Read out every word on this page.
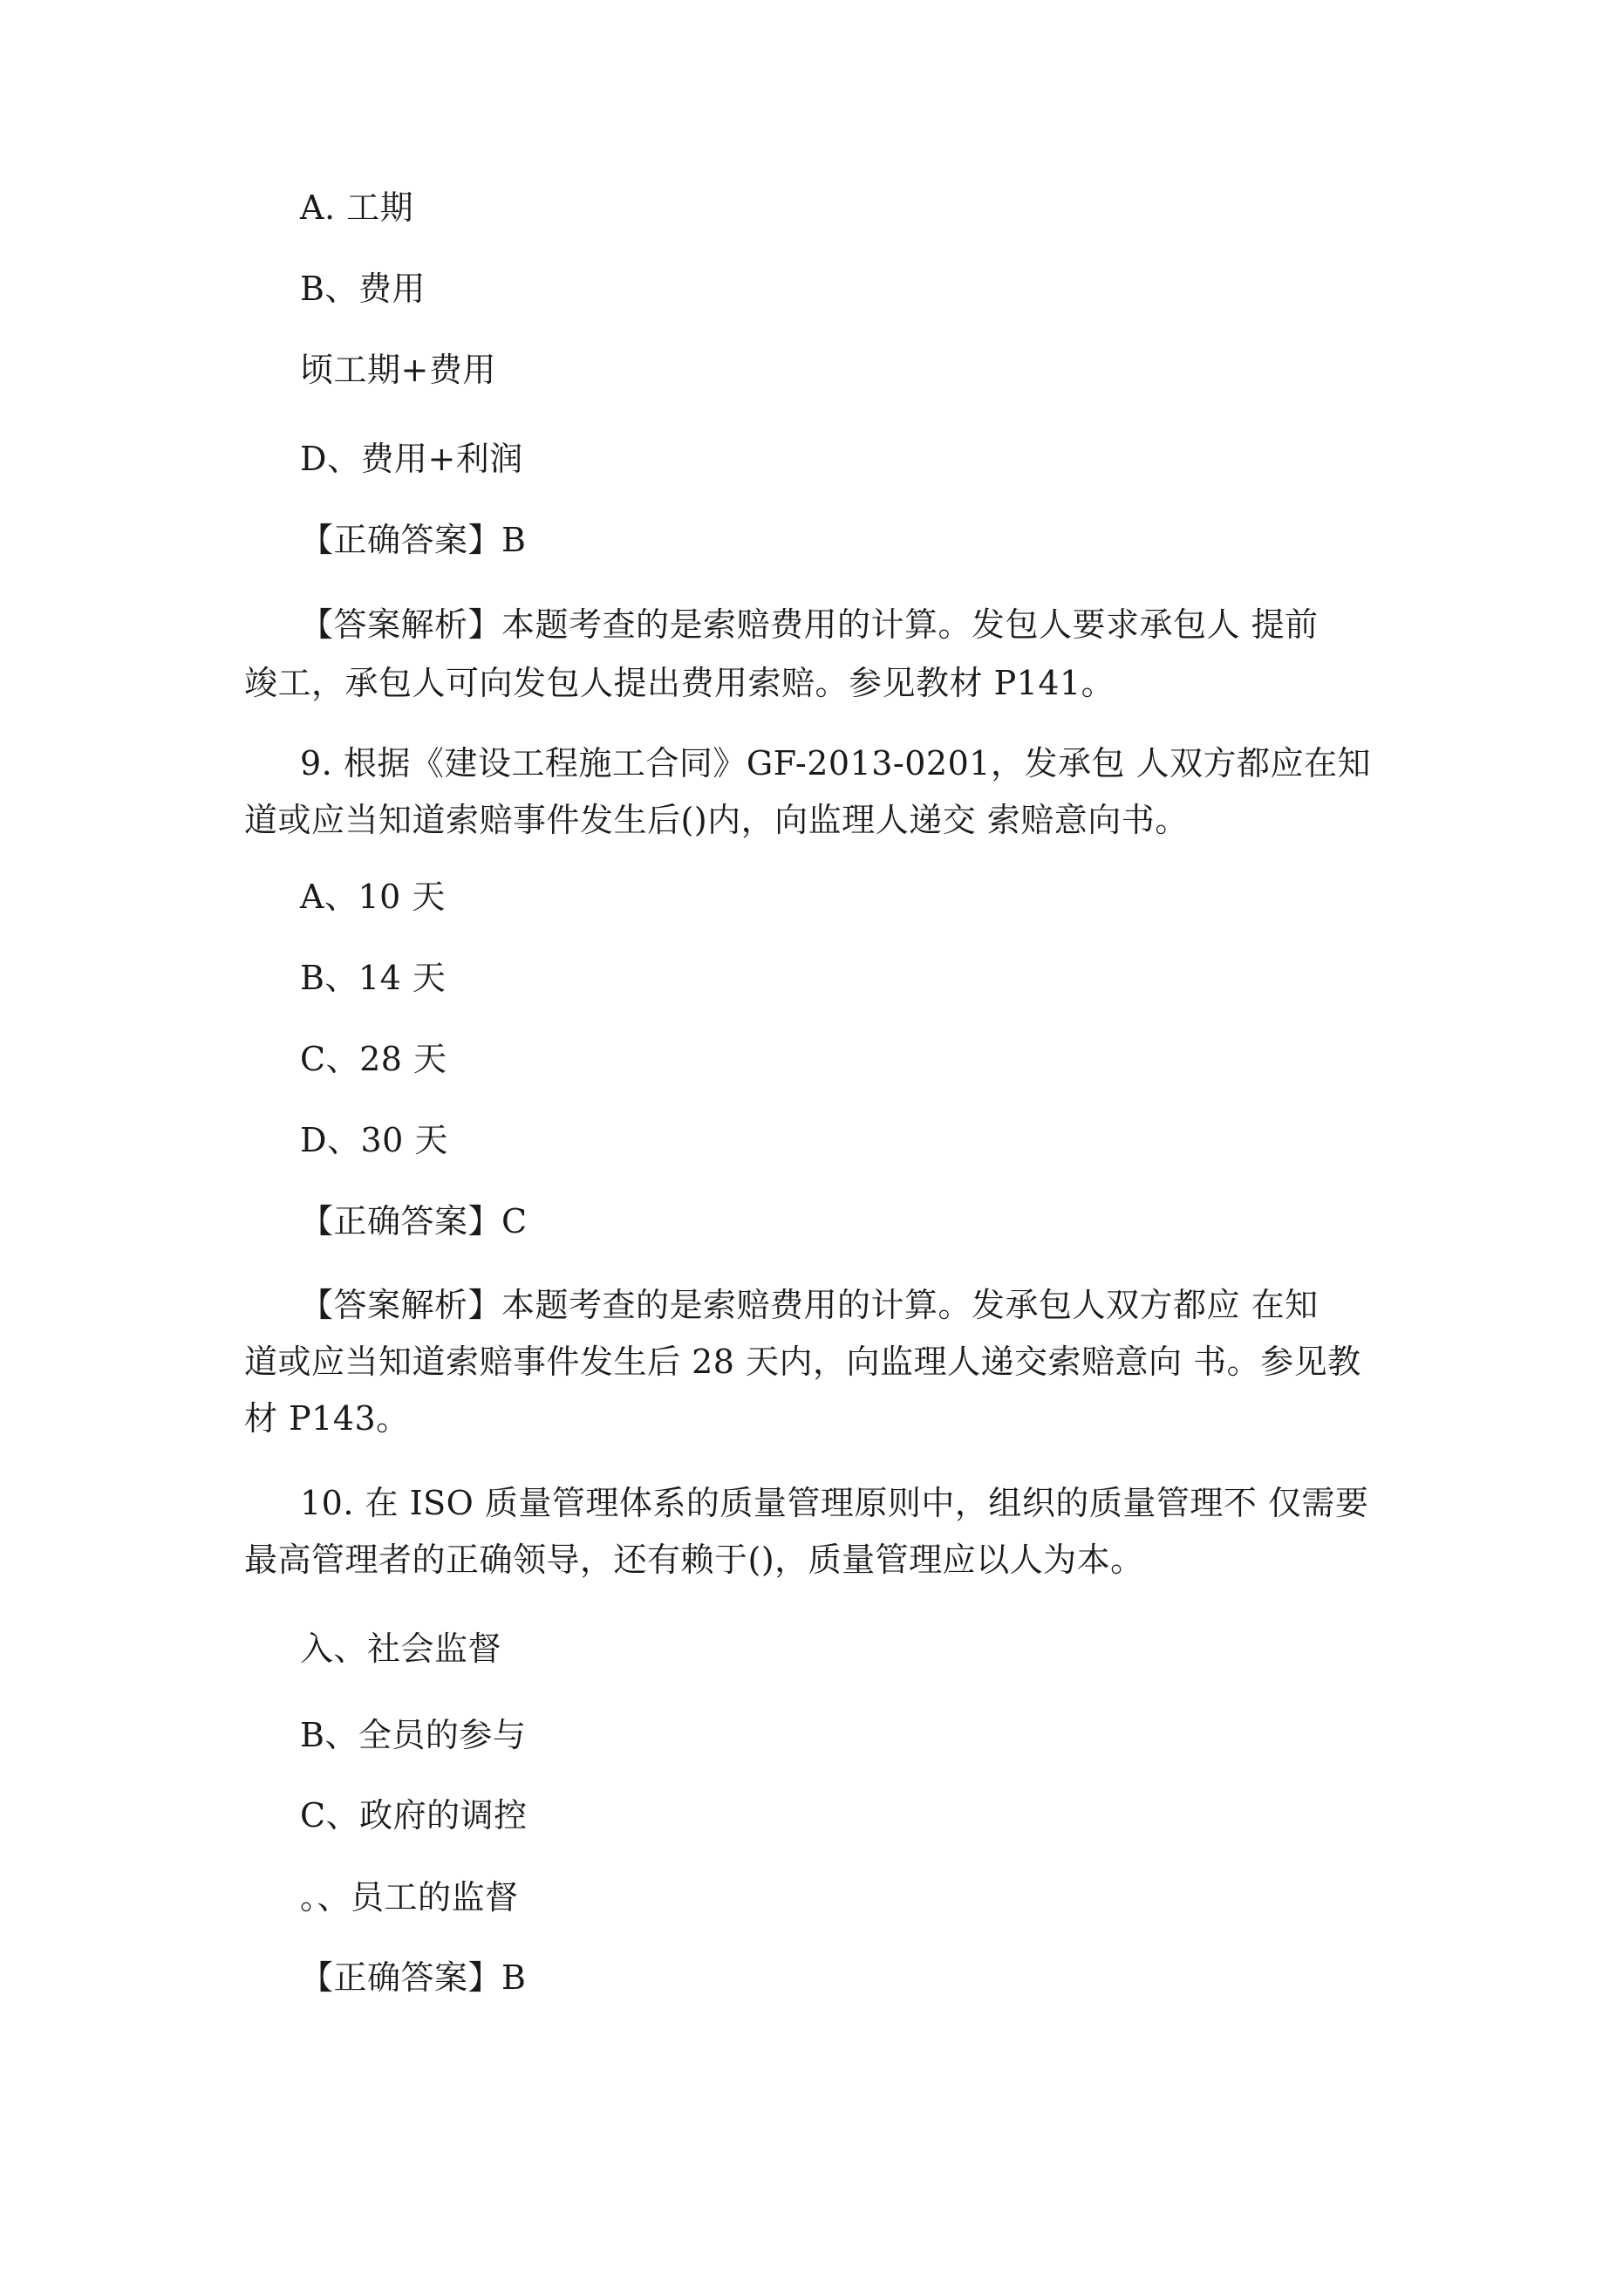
A. 工期
B、费用
顷工期+费用
D、费用+利润
【正确答案】B
【答案解析】本题考查的是索赔费用的计算。发包人要求承包人 提前
竣工，承包人可向发包人提出费用索赔。参见教材 P141。
9. 根据《建设工程施工合同》GF-2013-0201，发承包 人双方都应在知
道或应当知道索赔事件发生后()内，向监理人递交 索赔意向书。
A、10 天
B、14 天
C、28 天
D、30 天
【正确答案】C
【答案解析】本题考查的是索赔费用的计算。发承包人双方都应 在知
道或应当知道索赔事件发生后 28 天内，向监理人递交索赔意向 书。参见教
材 P143。
10. 在 ISO 质量管理体系的质量管理原则中，组织的质量管理不 仅需要
最高管理者的正确领导，还有赖于()，质量管理应以人为本。
入、社会监督
B、全员的参与
C、政府的调控
。、员工的监督
【正确答案】B
